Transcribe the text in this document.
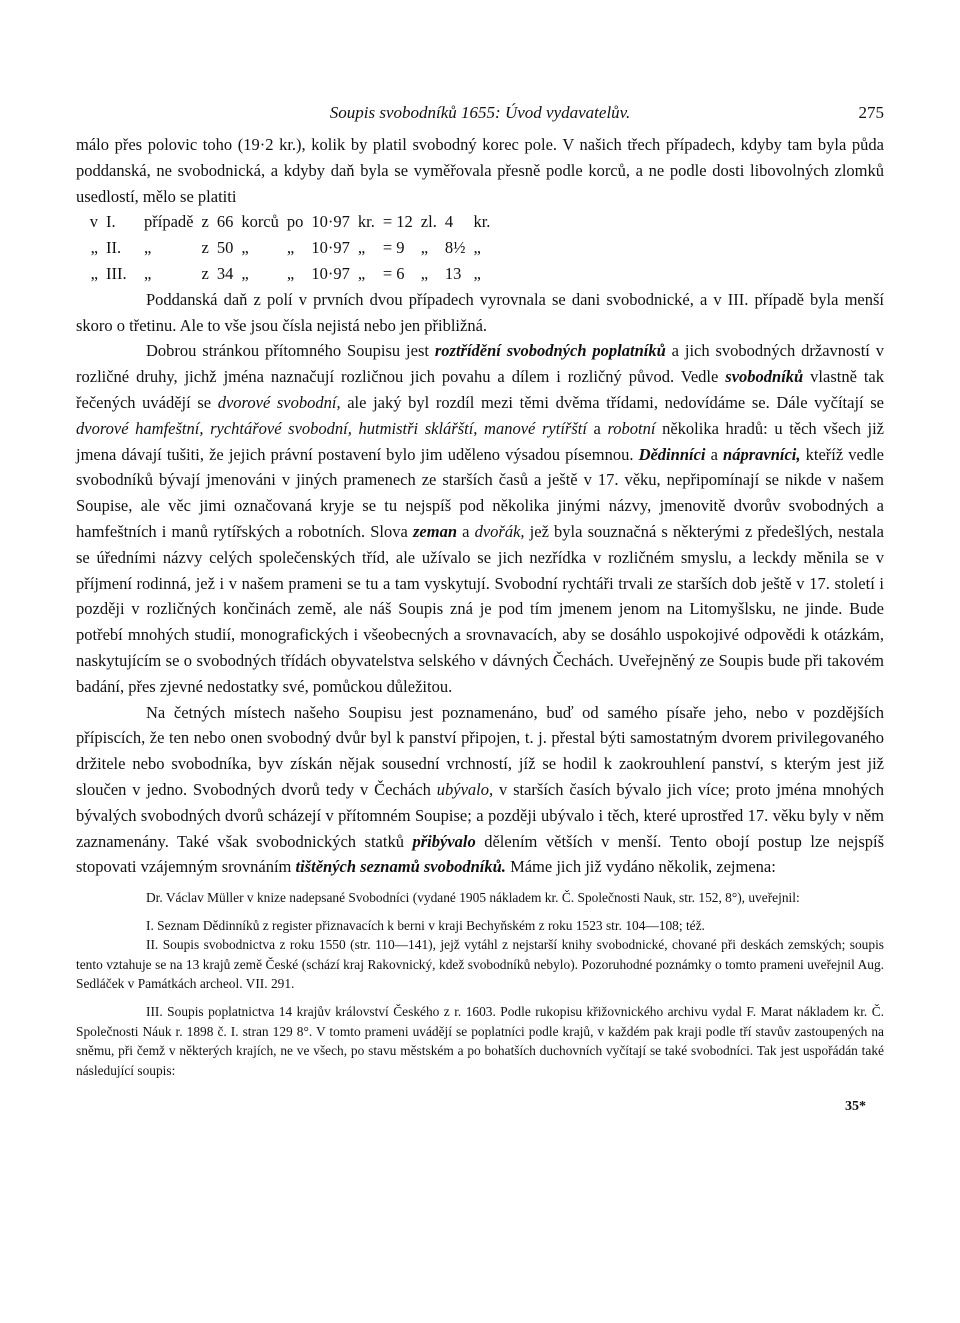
Soupis svobodníků 1655: Úvod vydavatelův.	275

málo přes polovic toho (19·2 kr.), kolik by platil svobodný korec pole. V našich třech případech, kdyby tam byla půda poddanská, ne svobodnická, a kdyby daň byla se vyměřovala přesně podle korců, a ne podle dosti libovolných zlomků usedlostí, mělo se platiti

v	I.	případě	z	66	korců	po	10·97	kr.	= 12	zl.	4	kr.
„	II.	„	z	50	„	„	10·97	„	= 9	„	8½	„
„	III.	„	z	34	„	„	10·97	„	= 6	„	13	„

Poddanská daň z polí v prvních dvou případech vyrovnala se dani svobodnické, a v III. případě byla menší skoro o třetinu. Ale to vše jsou čísla nejistá nebo jen přibližná.

Dobrou stránkou přítomného Soupisu jest roztřídění svobodných poplatníků a jich svobodných državností v rozličné druhy, jichž jména naznačují rozličnou jich povahu a dílem i rozličný původ. Vedle svobodníků vlastně tak řečených uvádějí se dvorové svobodní, ale jaký byl rozdíl mezi těmi dvěma třídami, nedovídáme se. Dále vyčítají se dvorové hamfeštní, rychtářové svobodní, hutmistři sklářští, manové rytířští a robotní několika hradů: u těch všech již jmena dávají tušiti, že jejich právní postavení bylo jim uděleno výsadou písemnou. Dědinníci a nápravníci, kteříž vedle svobodníků bývají jmenováni v jiných pramenech ze starších časů a ještě v 17. věku, nepřipomínají se nikde v našem Soupise, ale věc jimi označovaná kryje se tu nejspíš pod několika jinými názvy, jmenovitě dvorův svobodných a hamfeštních i manů rytířských a robotních. Slova zeman a dvořák, jež byla souznačná s některými z předešlých, nestala se úředními názvy celých společenských tříd, ale užívalo se jich nezřídka v rozličném smyslu, a leckdy měnila se v příjmení rodinná, jež i v našem prameni se tu a tam vyskytují. Svobodní rychtáři trvali ze starších dob ještě v 17. století i později v rozličných končinách země, ale náš Soupis zná je pod tím jmenem jenom na Litomyšlsku, ne jinde. Bude potřebí mnohých studií, monografických i všeobecných a srovnavacích, aby se dosáhlo uspokojivé odpovědi k otázkám, naskytujícím se o svobodných třídách obyvatelstva selského v dávných Čechách. Uveřejněný ze Soupis bude při takovém badání, přes zjevné nedostatky své, pomůckou důležitou.

Na četných místech našeho Soupisu jest poznamenáno, buď od samého písaře jeho, nebo v pozdějších přípiscích, že ten nebo onen svobodný dvůr byl k panství připojen, t. j. přestal býti samostatným dvorem privilegovaného držitele nebo svobodníka, byv získán nějak sousední vrchností, jíž se hodil k zaokrouhlení panství, s kterým jest již sloučen v jedno. Svobodných dvorů tedy v Čechách ubývalo, v starších časích bývalo jich více; proto jména mnohých bývalých svobodných dvorů scházejí v přítomném Soupise; a později ubývalo i těch, které uprostřed 17. věku byly v něm zaznamenány. Také však svobodnických statků přibývalo dělením větších v menší. Tento obojí postup lze nejspíš stopovati vzájemným srovnáním tištěných seznamů svobodníků. Máme jich již vydáno několik, zejmena:

Dr. Václav Müller v knize nadepsané Svobodníci (vydané 1905 nákladem kr. Č. Společnosti Nauk, str. 152, 8°), uveřejnil:

I. Seznam Dědinníků z register přiznavacích k berni v kraji Bechyňském z roku 1523 str. 104—108; též.

II. Soupis svobodnictva z roku 1550 (str. 110—141), jejž vytáhl z nejstarší knihy svobodnické, chované při deskách zemských; soupis tento vztahuje se na 13 krajů země České (schází kraj Rakovnický, kdež svobodníků nebylo). Pozoruhodné poznámky o tomto prameni uveřejnil Aug. Sedláček v Památkách archeol. VII. 291.

III. Soupis poplatnictva 14 krajův království Českého z r. 1603. Podle rukopisu křižovnického archivu vydal F. Marat nákladem kr. Č. Společnosti Náuk r. 1898 č. I. stran 129 8°. V tomto prameni uvádějí se poplatníci podle krajů, v každém pak kraji podle tří stavův zastoupených na sněmu, při čemž v některých krajích, ne ve všech, po stavu městském a po bohatších duchovních vyčítají se také svobodníci. Tak jest uspořádán také následující soupis:

35*
